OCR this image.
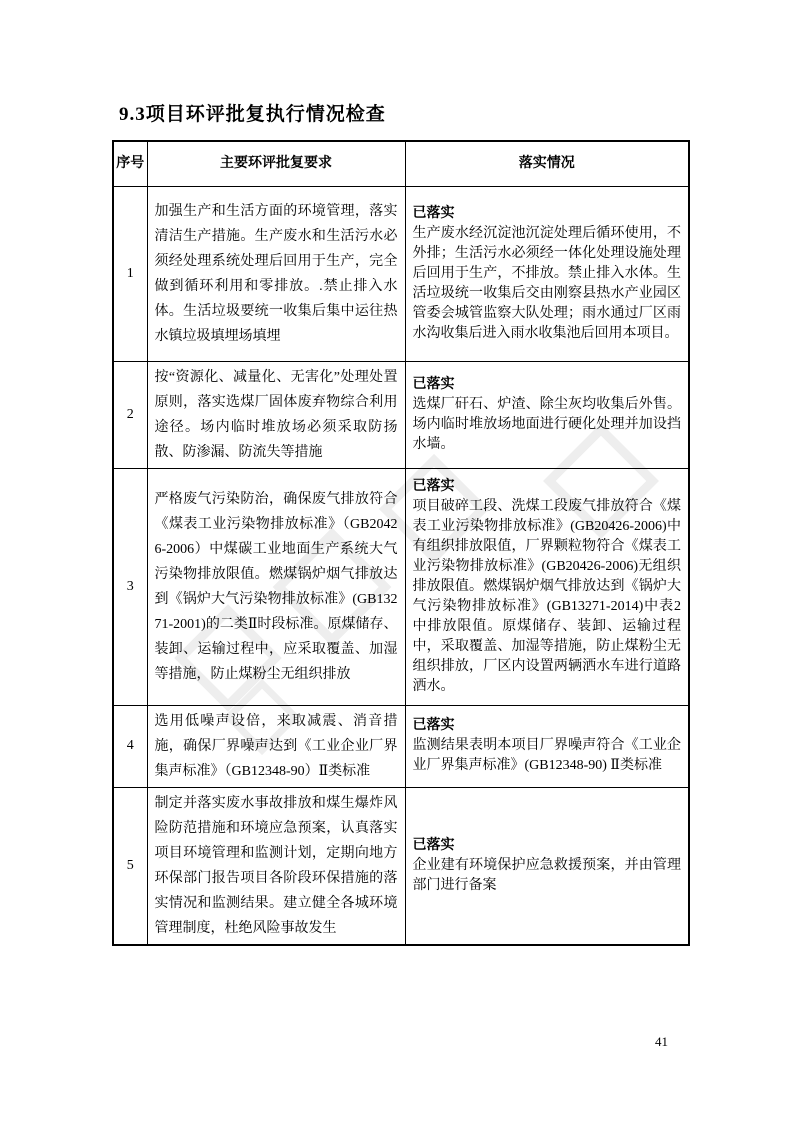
9.3项目环评批复执行情况检查
序号	主要环评批复要求	落实情况
1	加强生产和生活方面的环境管理，落实清洁生产措施。生产废水和生活污水必须经处理系统处理后回用于生产，完全做到循环利用和零排放。.禁止排入水体。生活垃圾要统一收集后集中运往热水镇垃圾填埋场填埋	已落实
生产废水经沉淀池沉淀处理后循环使用，不外排；生活污水必须经一体化处理设施处理后回用于生产，不排放。禁止排入水体。生活垃圾统一收集后交由刚察县热水产业园区管委会城管监察大队处理；雨水通过厂区雨水沟收集后进入雨水收集池后回用本项目。

2	按“资源化、减量化、无害化”处理处置原则，落实选煤厂固体废弃物综合利用途径。场内临时堆放场必须采取防扬散、防渗漏、防流失等措施	已落实
选煤厂矸石、炉渣、除尘灰均收集后外售。场内临时堆放场地面进行硬化处理并加设挡水墙。

3	严格废气污染防治，确保废气排放符合《煤表工业污染物排放标准》（GB20426-2006）中煤碳工业地面生产系统大气污染物排放限值。燃煤锅炉烟气排放达到《锅炉大气污染物排放标准》(GB13271-2001)的二类Ⅱ时段标准。原煤储存、装卸、运输过程中，应采取覆盖、加湿等措施，防止煤粉尘无组织排放	已落实
项目破碎工段、洗煤工段废气排放符合《煤表工业污染物排放标准》(GB20426-2006)中有组织排放限值，厂界颗粒物符合《煤表工业污染物排放标准》(GB20426-2006)无组织排放限值。燃煤锅炉烟气排放达到《锅炉大气污染物排放标准》(GB13271-2014)中表2中排放限值。原煤储存、装卸、运输过程中，采取覆盖、加湿等措施，防止煤粉尘无组织排放，厂区内设置两辆洒水车进行道路洒水。

4	选用低噪声设倍，来取减震、消音措施，确保厂界噪声达到《工业企业厂界集声标准》（GB12348-90）Ⅱ类标准	已落实
监测结果表明本项目厂界噪声符合《工业企业厂界集声标准》(GB12348-90) Ⅱ类标准

5	制定并落实废水事故排放和煤生爆炸风险防范措施和环境应急预案，认真落实项目环境管理和监测计划，定期向地方环保部门报告项目各阶段环保措施的落实情况和监测结果。建立健全各城环境管理制度，杜绝风险事故发生	已落实
企业建有环境保护应急救援预案，并由管理部门进行备案
41
